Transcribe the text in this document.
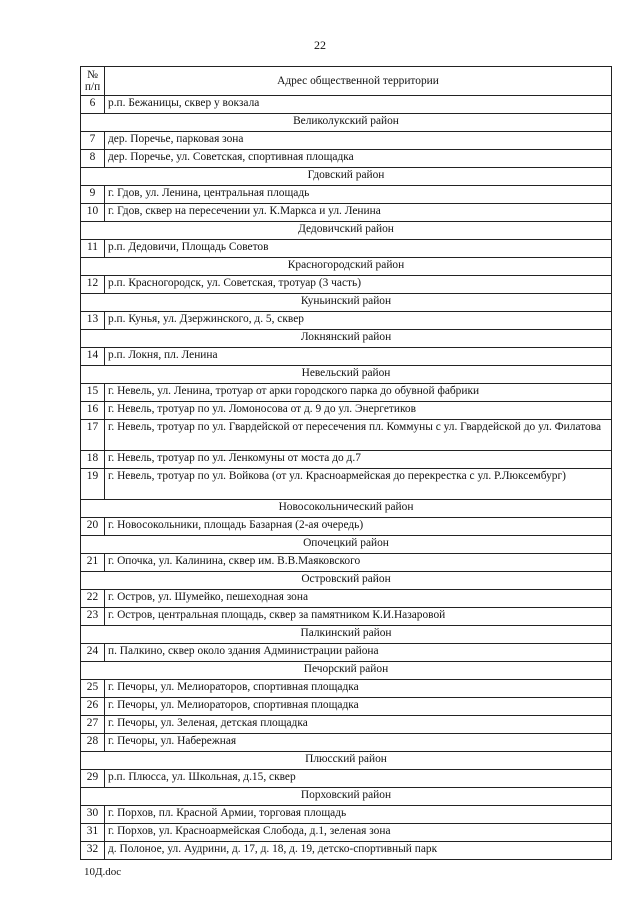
22
№
п/п	Адрес общественной территории
6	р.п. Бежаницы, сквер у вокзала
Великолукский район	
7	дер. Поречье, парковая зона
8	дер. Поречье, ул. Советская, спортивная площадка
Гдовский район	
9	г. Гдов, ул. Ленина, центральная площадь
10	г. Гдов, сквер на пересечении ул. К.Маркса и ул. Ленина
Дедовичский район	
11	р.п. Дедовичи, Площадь Советов
Красногородский район	
12	р.п. Красногородск, ул. Советская, тротуар (3 часть)
Куньинский район	
13	р.п. Кунья, ул. Дзержинского, д. 5, сквер
Локнянский район	
14	р.п. Локня, пл. Ленина
Невельский район	
15	г. Невель, ул. Ленина, тротуар от арки городского парка до обувной фабрики
16	г. Невель, тротуар по ул. Ломоносова от д. 9 до ул. Энергетиков
17	г. Невель, тротуар по ул. Гвардейской от пересечения пл. Коммуны с ул. Гвардейской до ул. Филатова
18	г. Невель, тротуар по ул. Ленкомуны от моста до д.7
19	г. Невель, тротуар по ул. Войкова (от ул. Красноармейская до перекрестка с ул. Р.Люксембург)
Новосокольнический район	
20	г. Новосокольники, площадь Базарная (2-ая очередь)
Опочецкий район	
21	г. Опочка, ул. Калинина, сквер им. В.В.Маяковского
Островский район	
22	г. Остров, ул. Шумейко, пешеходная зона
23	г. Остров, центральная площадь, сквер за памятником К.И.Назаровой
Палкинский район	
24	п. Палкино, сквер около здания Администрации района
Печорский район	
25	г. Печоры, ул. Мелиораторов, спортивная площадка
26	г. Печоры, ул. Мелиораторов, спортивная площадка
27	г. Печоры, ул. Зеленая, детская площадка
28	г. Печоры, ул. Набережная
Плюсский район	
29	р.п. Плюсса, ул. Школьная, д.15, сквер
Порховский район	
30	г. Порхов, пл. Красной Армии, торговая площадь
31	г. Порхов, ул. Красноармейская Слобода, д.1, зеленая зона
32	д. Полоное, ул. Аудрини, д. 17, д. 18, д. 19, детско-спортивный парк
10Д.doc
